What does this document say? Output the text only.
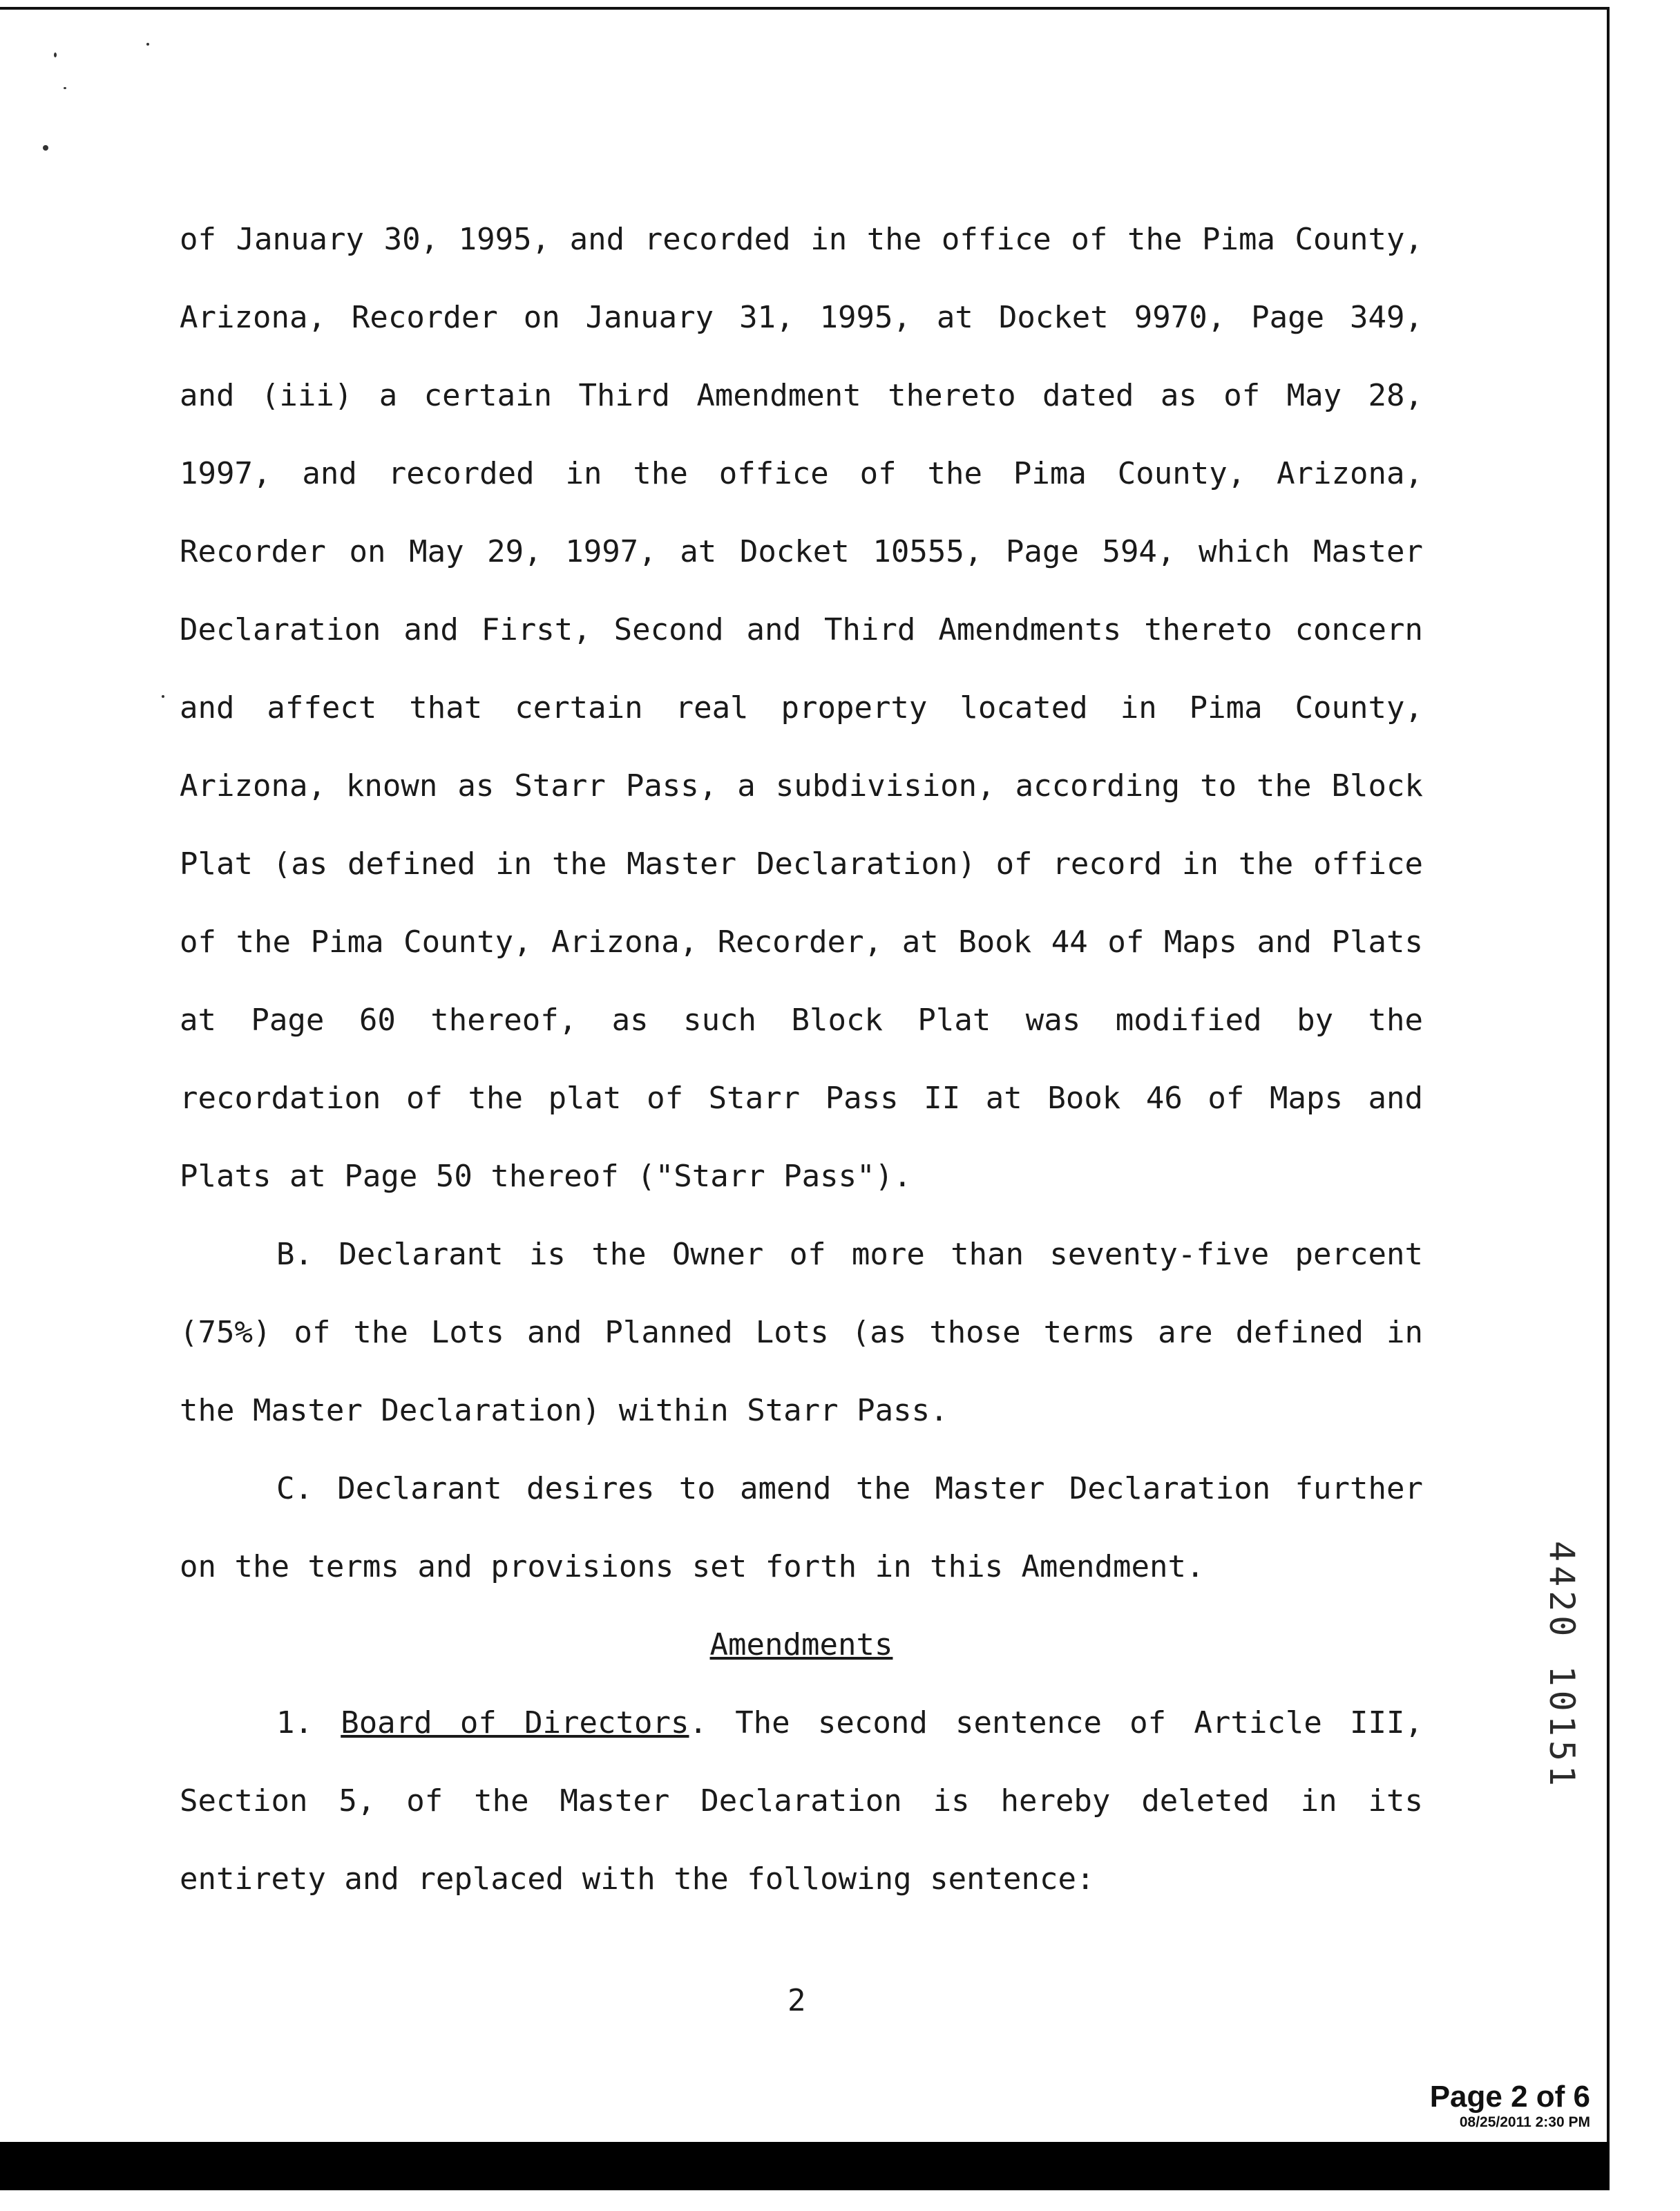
of January 30, 1995, and recorded in the office of the Pima County,
Arizona, Recorder on January 31, 1995, at Docket 9970, Page 349,
and (iii) a certain Third Amendment thereto dated as of May 28,
1997, and recorded in the office of the Pima County, Arizona,
Recorder on May 29, 1997, at Docket 10555, Page 594, which Master
Declaration and First, Second and Third Amendments thereto concern
and affect that certain real property located in Pima County,
Arizona, known as Starr Pass, a subdivision, according to the Block
Plat (as defined in the Master Declaration) of record in the office
of the Pima County, Arizona, Recorder, at Book 44 of Maps and Plats
at Page 60 thereof, as such Block Plat was modified by the
recordation of the plat of Starr Pass II at Book 46 of Maps and
Plats at Page 50 thereof ("Starr Pass").
B. Declarant is the Owner of more than seventy-five percent
(75%) of the Lots and Planned Lots (as those terms are defined in
the Master Declaration) within Starr Pass.
C. Declarant desires to amend the Master Declaration further
on the terms and provisions set forth in this Amendment.
Amendments
1. Board of Directors. The second sentence of Article III,
Section 5, of the Master Declaration is hereby deleted in its
entirety and replaced with the following sentence:
2
4420 10151
Page 2 of 6
08/25/2011 2:30 PM
